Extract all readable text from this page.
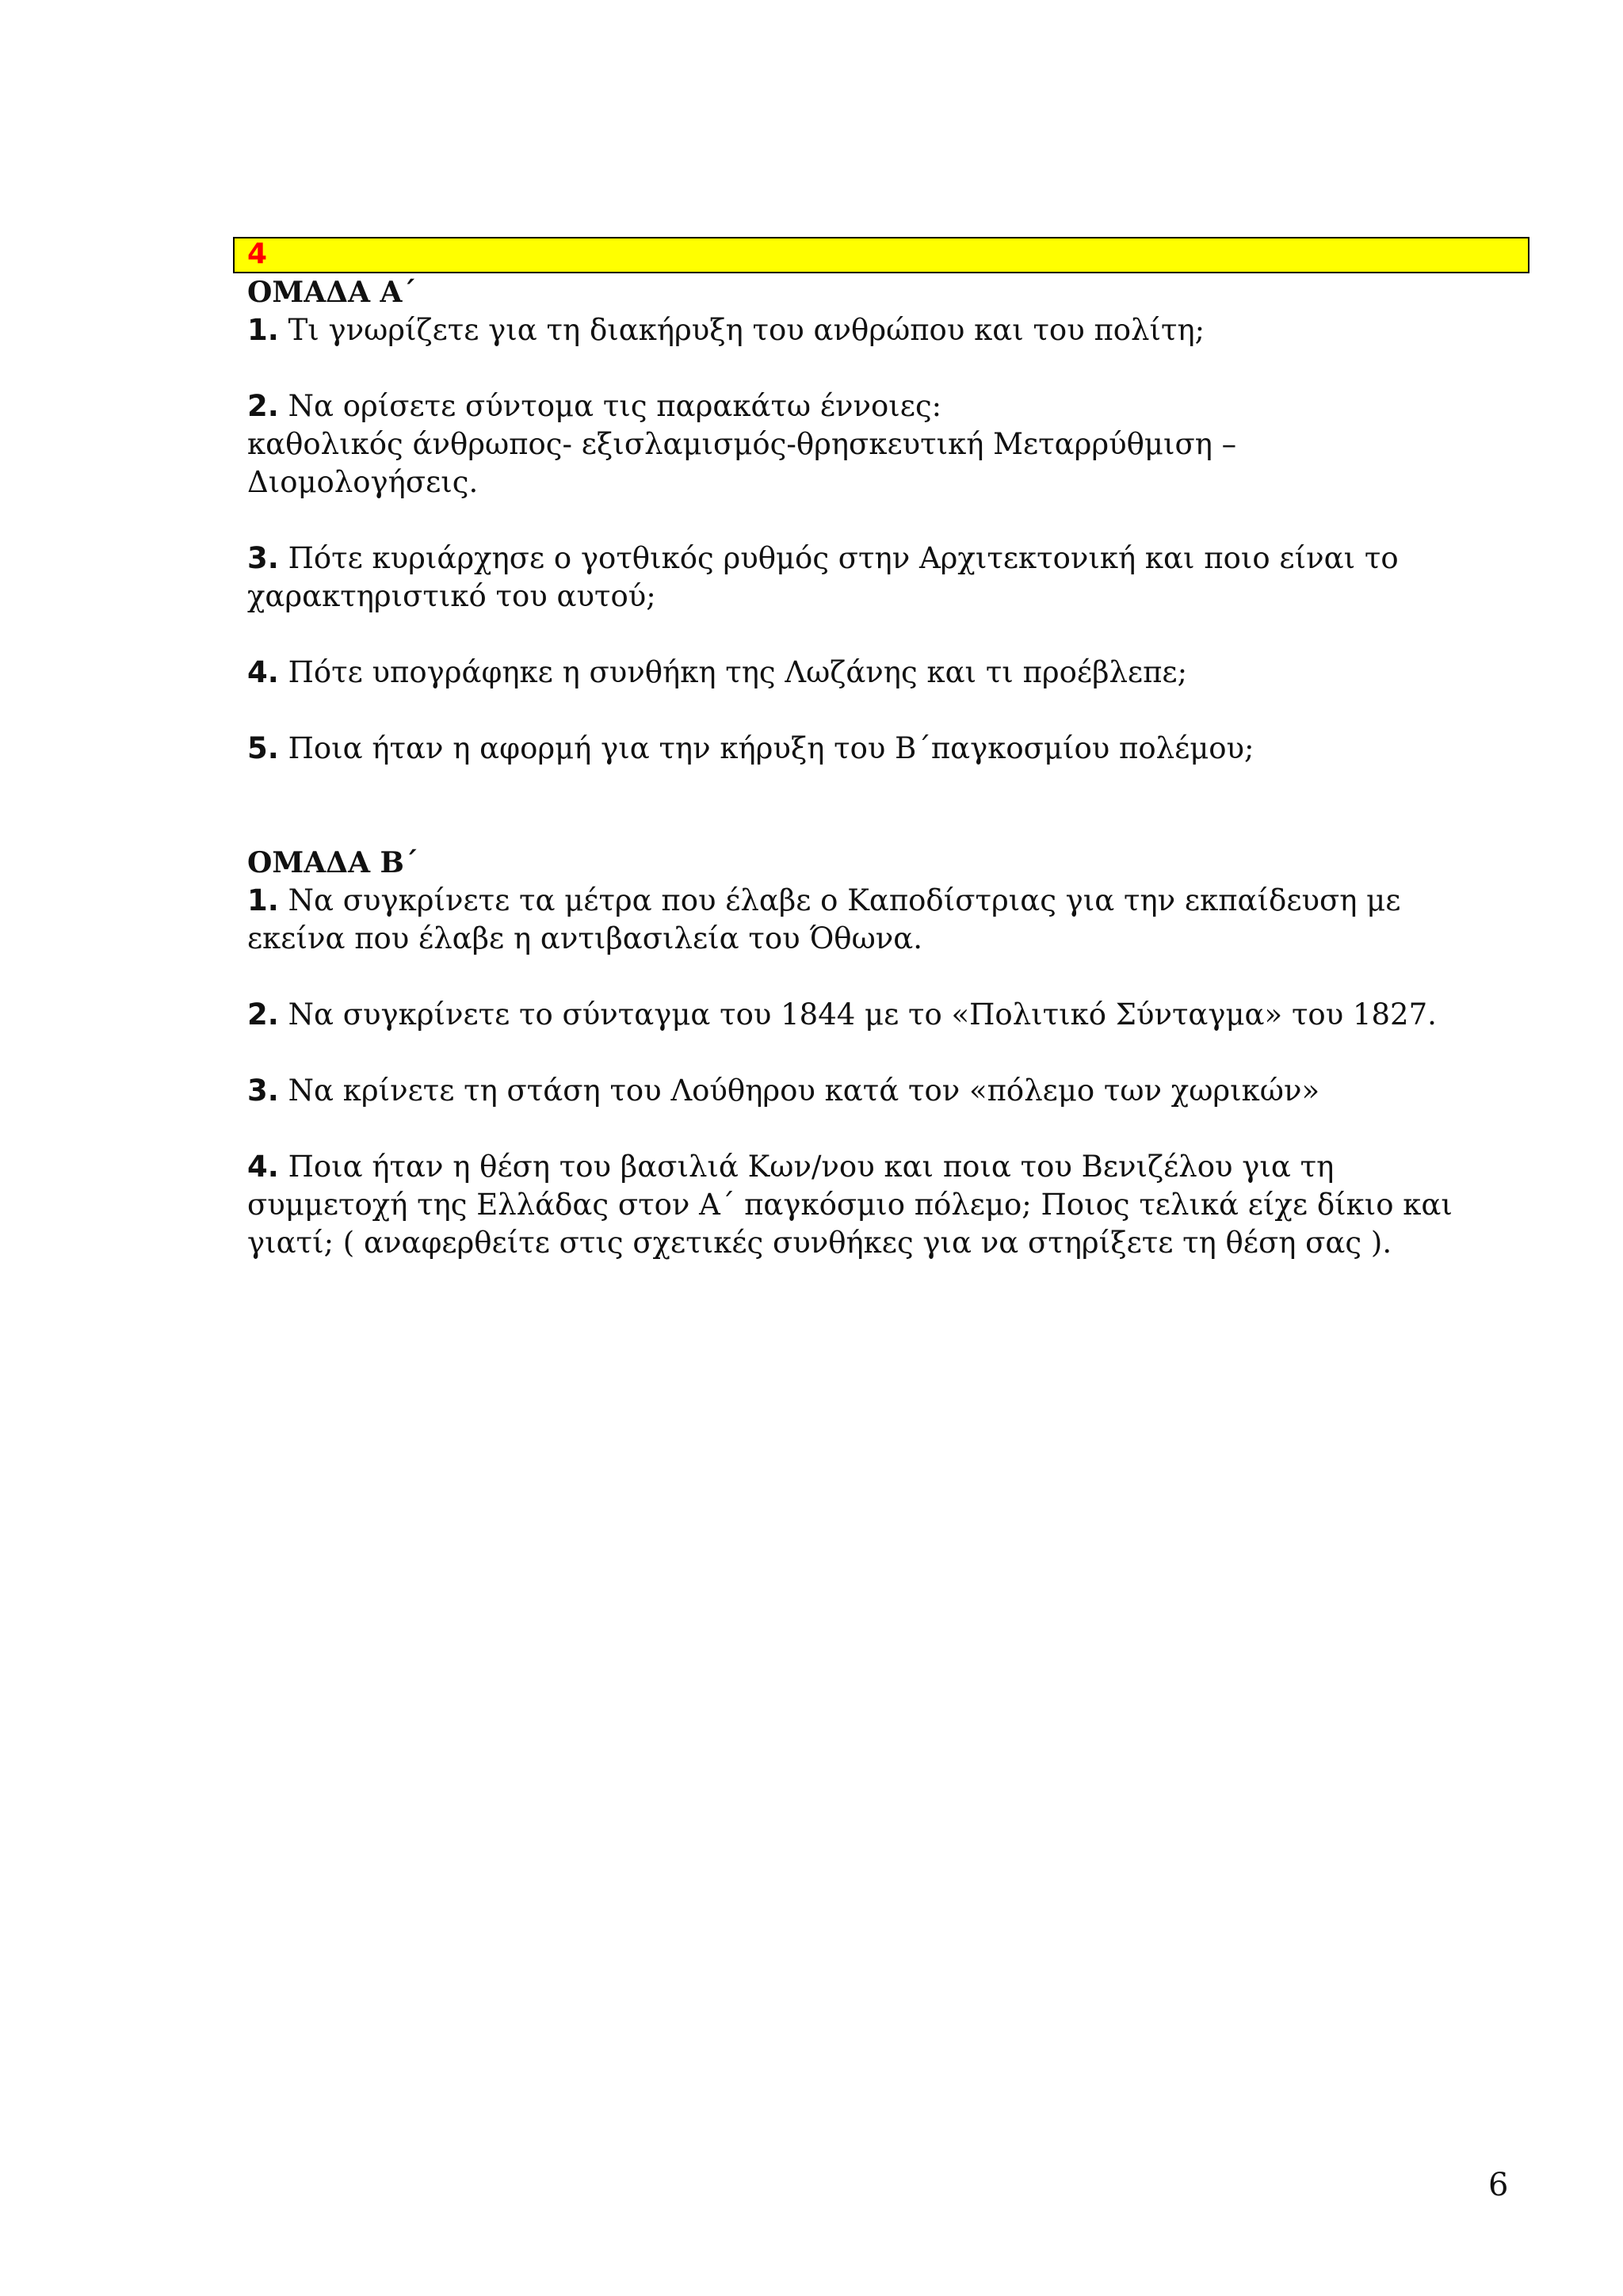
4

ΟΜΑΔΑ Α΄

1. Τι γνωρίζετε για τη διακήρυξη του ανθρώπου και του πολίτη;

2. Να ορίσετε σύντομα τις παρακάτω έννοιες:
καθολικός άνθρωπος- εξισλαμισμός-θρησκευτική Μεταρρύθμιση –
Διομολογήσεις.

3. Πότε κυριάρχησε ο γοτθικός ρυθμός στην Αρχιτεκτονική και ποιο είναι το
χαρακτηριστικό του αυτού;

4. Πότε υπογράφηκε η συνθήκη της Λωζάνης και τι προέβλεπε;

5. Ποια ήταν η αφορμή για την κήρυξη του Β΄παγκοσμίου πολέμου;

ΟΜΑΔΑ Β΄

1. Να συγκρίνετε τα μέτρα που έλαβε ο Καποδίστριας για την εκπαίδευση με
εκείνα που έλαβε η αντιβασιλεία του Όθωνα.

2. Να συγκρίνετε το σύνταγμα του 1844 με το «Πολιτικό Σύνταγμα» του 1827.

3. Να κρίνετε τη στάση του Λούθηρου κατά τον «πόλεμο των χωρικών»

4. Ποια ήταν η θέση του βασιλιά Κων/νου και ποια του Βενιζέλου για τη
συμμετοχή της Ελλάδας στον Α΄ παγκόσμιο πόλεμο; Ποιος τελικά είχε δίκιο και
γιατί; ( αναφερθείτε στις σχετικές συνθήκες για να στηρίξετε τη θέση σας ).

6
